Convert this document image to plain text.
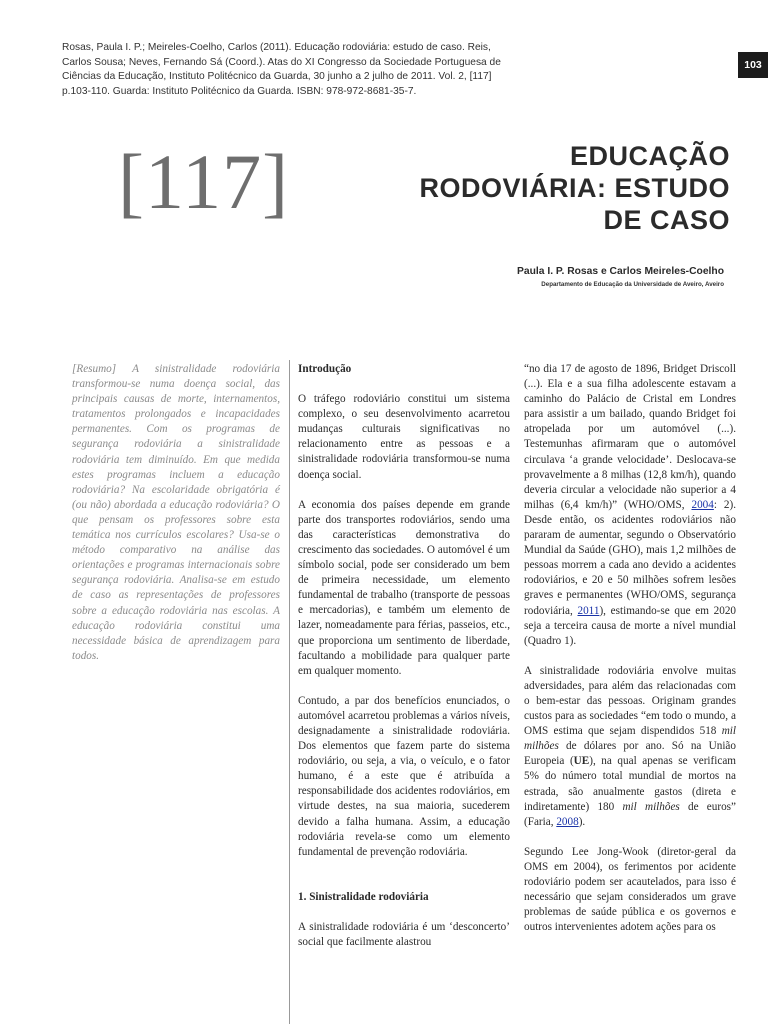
Rosas, Paula I. P.; Meireles-Coelho, Carlos (2011). Educação rodoviária: estudo de caso. Reis, Carlos Sousa; Neves, Fernando Sá (Coord.). Atas do XI Congresso da Sociedade Portuguesa de Ciências da Educação, Instituto Politécnico da Guarda, 30 junho a 2 julho de 2011. Vol. 2, [117] p.103-110. Guarda: Instituto Politécnico da Guarda. ISBN: 978-972-8681-35-7.

103
[117]	EDUCAÇÃO
RODOVIÁRIA: ESTUDO
DE CASO
Paula I. P. Rosas e Carlos Meireles-Coelho
Departamento de Educação da Universidade de Aveiro, Aveiro

[Resumo] A sinistralidade rodoviária transformou-se numa doença social, das principais causas de morte, internamentos, tratamentos prolongados e incapacidades permanentes. Com os programas de segurança rodoviária a sinistralidade rodoviária tem diminuído. Em que medida estes programas incluem a educação rodoviária? Na escolaridade obrigatória é (ou não) abordada a educação rodoviária? O que pensam os professores sobre esta temática nos currículos escolares? Usa-se o método comparativo na análise das orientações e programas internacionais sobre segurança rodoviária. Analisa-se em estudo de caso as representações de professores sobre a educação rodoviária nas escolas. A educação rodoviária constitui uma necessidade básica de aprendizagem para todos.

Introdução

O tráfego rodoviário constitui um sistema complexo, o seu desenvolvimento acarretou mudanças culturais significativas no relacionamento entre as pessoas e a sinistralidade rodoviária transformou-se numa doença social.

A economia dos países depende em grande parte dos transportes rodoviários, sendo uma das características demonstrativa do crescimento das sociedades. O automóvel é um símbolo social, pode ser considerado um bem de primeira necessidade, um elemento fundamental de trabalho (transporte de pessoas e mercadorias), e também um elemento de lazer, nomeadamente para férias, passeios, etc., que proporciona um sentimento de liberdade, facultando a mobilidade para qualquer parte em qualquer momento.

Contudo, a par dos benefícios enunciados, o automóvel acarretou problemas a vários níveis, designadamente a sinistralidade rodoviária. Dos elementos que fazem parte do sistema rodoviário, ou seja, a via, o veículo, e o fator humano, é a este que é atribuída a responsabilidade dos acidentes rodoviários, em virtude destes, na sua maioria, sucederem devido a falha humana. Assim, a educação rodoviária revela-se como um elemento fundamental de prevenção rodoviária.

1. Sinistralidade rodoviária

A sinistralidade rodoviária é um ‘desconcerto’ social que facilmente alastrou

“no dia 17 de agosto de 1896, Bridget Driscoll (...). Ela e a sua filha adolescente estavam a caminho do Palácio de Cristal em Londres para assistir a um bailado, quando Bridget foi atropelada por um automóvel (...). Testemunhas afirmaram que o automóvel circulava ‘a grande velocidade’. Deslocava-se provavelmente a 8 milhas (12,8 km/h), quando deveria circular a velocidade não superior a 4 milhas (6,4 km/h)” (WHO/OMS, 2004: 2). Desde então, os acidentes rodoviários não pararam de aumentar, segundo o Observatório Mundial da Saúde (GHO), mais 1,2 milhões de pessoas morrem a cada ano devido a acidentes rodoviários, e 20 e 50 milhões sofrem lesões graves e permanentes (WHO/OMS, segurança rodoviária, 2011), estimando-se que em 2020 seja a terceira causa de morte a nível mundial (Quadro 1).

A sinistralidade rodoviária envolve muitas adversidades, para além das relacionadas com o bem-estar das pessoas. Originam grandes custos para as sociedades “em todo o mundo, a OMS estima que sejam dispendidos 518 mil milhões de dólares por ano. Só na União Europeia (UE), na qual apenas se verificam 5% do número total mundial de mortos na estrada, são anualmente gastos (direta e indiretamente) 180 mil milhões de euros” (Faria, 2008).

Segundo Lee Jong-Wook (diretor-geral da OMS em 2004), os ferimentos por acidente rodoviário podem ser acautelados, para isso é necessário que sejam considerados um grave problemas de saúde pública e os governos e outros intervenientes adotem ações para os
